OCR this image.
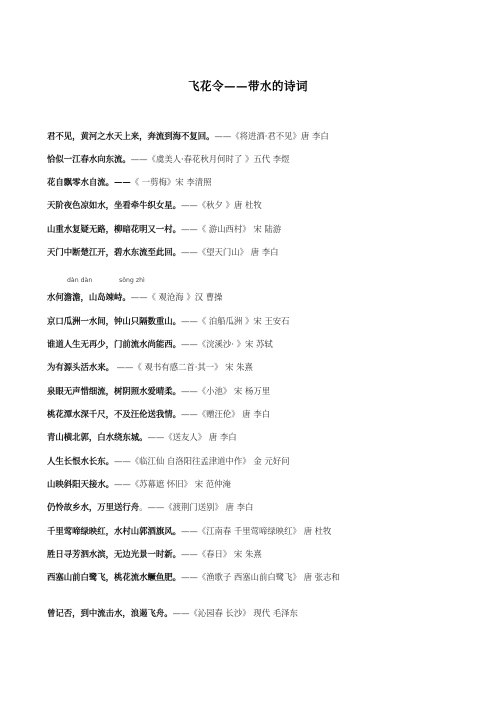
飞花令——带水的诗词
君不见，黄河之水天上来，奔流到海不复回。——《将进酒·君不见》唐 李白
恰似一江春水向东流。——《虞美人·春花秋月何时了 》五代 李煜
花自飘零水自流。——《 一剪梅》宋 李清照
天阶夜色凉如水，坐看牵牛织女星。——《秋夕 》唐 杜牧
山重水复疑无路，柳暗花明又一村。——《 游山西村》 宋 陆游
天门中断楚江开，碧水东流至此回。——《望天门山》 唐 李白
dàn dàn	sǒng zhì
水何澹澹，山岛竦峙。——《 观沧海 》汉 曹操
京口瓜洲一水间，钟山只隔数重山。——《 泊船瓜洲 》宋 王安石
谁道人生无再少，门前流水尚能西。——《浣溪沙· 》宋 苏轼
为有源头活水来。 ——《 观书有感二首·其一》 宋 朱熹
泉眼无声惜细流，树阴照水爱晴柔。——《小池》 宋 杨万里
桃花潭水深千尺，不及汪伦送我情。——《赠汪伦》 唐 李白
青山横北郭，白水绕东城。——《送友人》 唐 李白
人生长恨水长东。——《临江仙 自洛阳往孟津道中作》 金 元好问
山映斜阳天接水。——《苏幕遮 怀旧》 宋 范仲淹
仍怜故乡水，万里送行舟。——《渡荆门送别》 唐 李白
千里莺啼绿映红，水村山郭酒旗风。——《江南春 千里莺啼绿映红》 唐 杜牧
胜日寻芳泗水滨，无边光景一时新。——《春日》 宋 朱熹
西塞山前白鹭飞，桃花流水鳜鱼肥。——《渔歌子 西塞山前白鹭飞》 唐 张志和
曾记否，到中流击水，浪遏飞舟。——《沁园春 长沙》 现代 毛泽东
